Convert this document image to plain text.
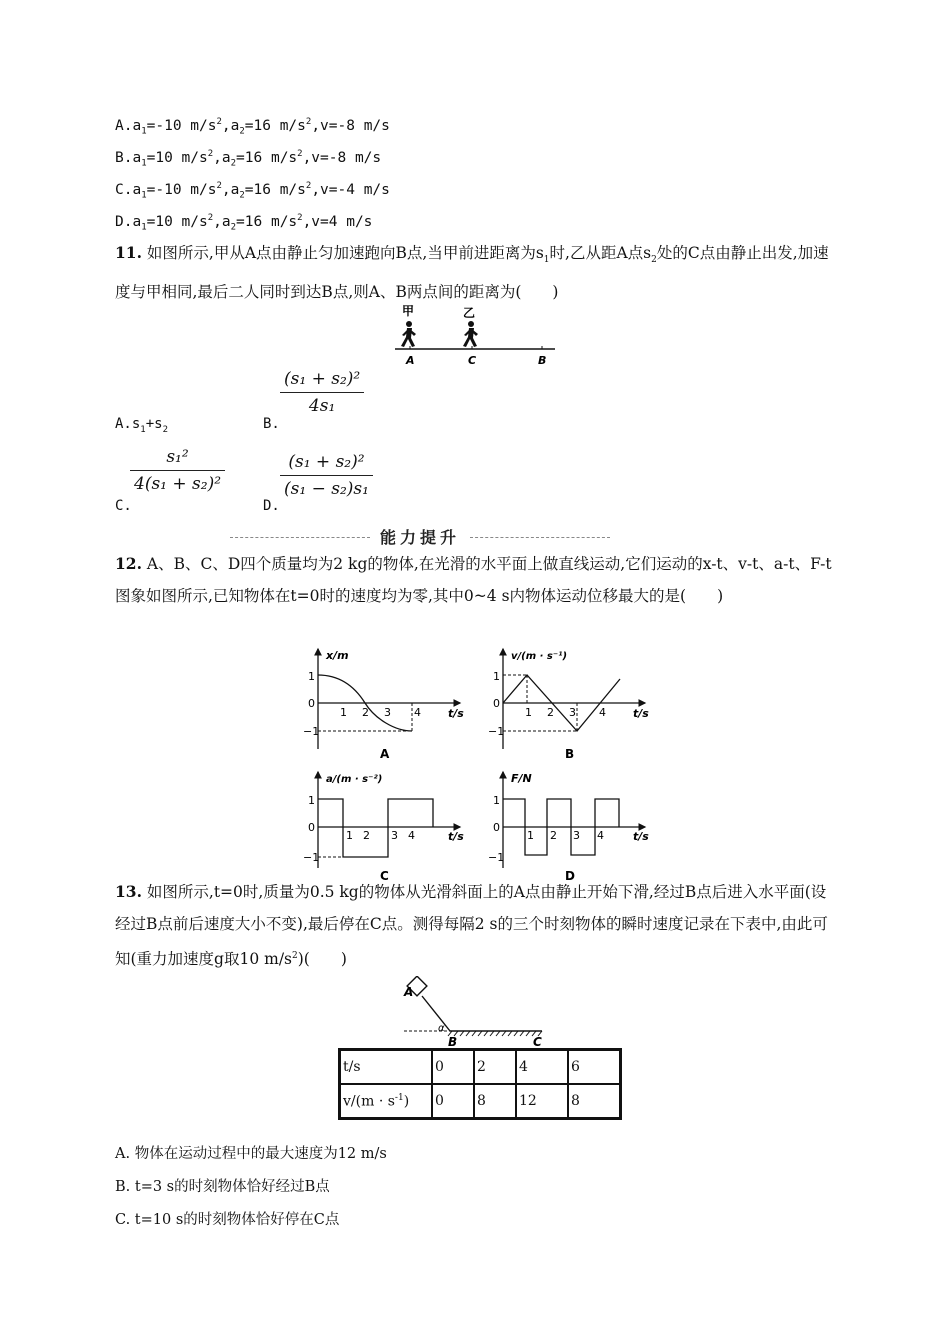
$A.a_1=-10$ $m/s^2,a_2=16$ $m/s^2,v=-8$ m/s
$B.a_1=10$ $m/s^2,a_2=16$ $m/s^2,v=-8$ m/s
$C.a_1=-10$ $m/s^2,a_2=16$ $m/s^2,v=-4$ m/s
$D.a_1=10$ $m/s^2,a_2=16$ $m/s^2,v=4$ m/s
11. 如图所示,甲从A点由静止匀加速跑向B点,当甲前进距离为$s_1$时,乙从距A点$s_2$处的C点由静止出发,加速度与甲相同,最后二人同时到达B点,则A、B两点间的距离为(　　)
甲	乙
A	C	B
$A.s_1+s_2$	B.
(s₁ + s₂)²
4s₁
C.
s₁²
4(s₁ + s₂)²
D.
(s₁ + s₂)²
(s₁ − s₂)s₁
能力提升
12. A、B、C、D四个质量均为2 kg的物体,在光滑的水平面上做直线运动,它们运动的x-t、v-t、a-t、F-t图象如图所示,已知物体在t=0时的速度均为零,其中0~4 s内物体运动位移最大的是(　　)
x/m
t/s
1
0
−1
1 2 3 4
A
v/(m · s⁻¹)
t/s
1
0
−1
1 2 3 4
B
a/(m · s⁻²)
t/s
1
0
−1
1 2 3 4
C
F/N
t/s
1
0
−1
1 2 3 4
D
13. 如图所示,t=0时,质量为0.5 kg的物体从光滑斜面上的A点由静止开始下滑,经过B点后进入水平面(设经过B点前后速度大小不变),最后停在C点。测得每隔2 s的三个时刻物体的瞬时速度记录在下表中,由此可知(重力加速度g取10 $m/s^2$)(　　)
A
α
B	C
t/s	0	2	4	6
$v/(m \cdot s^{-1})$	0	8	12	8
A. 物体在运动过程中的最大速度为12 m/s
B. t=3 s的时刻物体恰好经过B点
C. t=10 s的时刻物体恰好停在C点
